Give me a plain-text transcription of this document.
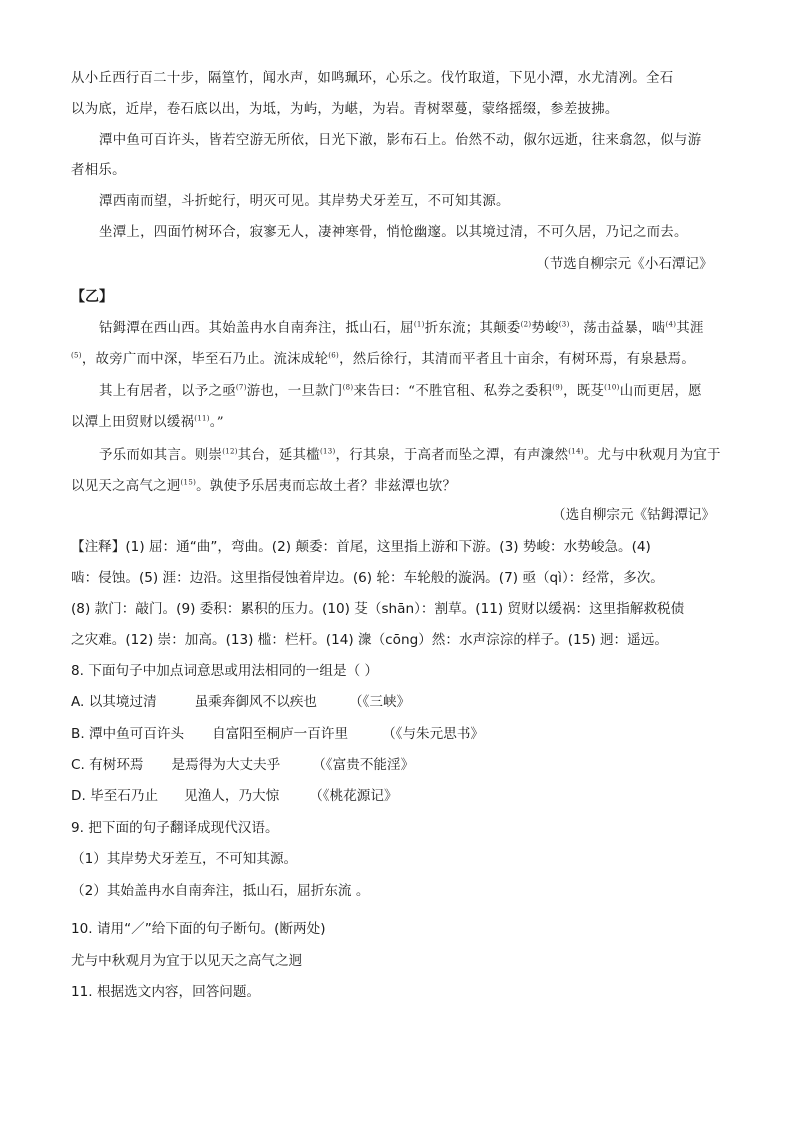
从小丘西行百二十步，隔篁竹，闻水声，如鸣珮环，心乐之。伐竹取道，下见小潭，水尤清冽。全石
以为底，近岸，卷石底以出，为坻，为屿，为嵁，为岩。青树翠蔓，蒙络摇缀，参差披拂。
潭中鱼可百许头，皆若空游无所依，日光下澈，影布石上。佁然不动，俶尔远逝，往来翕忽，似与游
者相乐。
潭西南而望，斗折蛇行，明灭可见。其岸势犬牙差互，不可知其源。
坐潭上，四面竹树环合，寂寥无人，凄神寒骨，悄怆幽邃。以其境过清，不可久居，乃记之而去。
（节选自柳宗元《小石潭记》
【乙】
钴鉧潭在西山西。其始盖冉水自南奔注，抵山石，屈$^{(1)}$折东流；其颠委$^{(2)}$势峻$^{(3)}$，荡击益暴，啮$^{(4)}$其涯
$^{(5)}$，故旁广而中深，毕至石乃止。流沫成轮$^{(6)}$，然后徐行，其清而平者且十亩余，有树环焉，有泉悬焉。
其上有居者，以予之亟$^{(7)}$游也，一旦款门$^{(8)}$来告曰：“不胜官租、私券之委积$^{(9)}$，既芟$^{(10)}$山而更居，愿
以潭上田贸财以缓祸$^{(11)}$。”
予乐而如其言。则崇$^{(12)}$其台，延其槛$^{(13)}$，行其泉，于高者而坠之潭，有声潨然$^{(14)}$。尤与中秋观月为宜于
以见天之高气之迥$^{(15)}$。孰使予乐居夷而忘故土者？非兹潭也欤？
（选自柳宗元《钴鉧潭记》
【注释】(1) 屈：通“曲”，弯曲。(2) 颠委：首尾，这里指上游和下游。(3) 势峻：水势峻急。(4)
啮：侵蚀。(5) 涯：边沿。这里指侵蚀着岸边。(6) 轮：车轮般的漩涡。(7) 亟（qì）：经常，多次。
(8) 款门：敲门。(9) 委积：累积的压力。(10) 芟（shān）：割草。(11) 贸财以缓祸：这里指解救税债
之灾难。(12) 崇：加高。(13) 槛：栏杆。(14) 潨（cōng）然：水声淙淙的样子。(15) 迥：遥远。
8. 下面句子中加点词意思或用法相同的一组是（ ）
A. 以其境过清	虽乘奔御风不以疾也 （《三峡》
B. 潭中鱼可百许头 自富阳至桐庐一百许里	（《与朱元思书》
C. 有树环焉 是焉得为大丈夫乎 （《富贵不能淫》
D. 毕至石乃止 见渔人，乃大惊 （《桃花源记》
9. 把下面的句子翻译成现代汉语。
（1）其岸势犬牙差互，不可知其源。
（2）其始盖冉水自南奔注，抵山石，屈折东流 。
10. 请用“／”给下面的句子断句。(断两处)
尤与中秋观月为宜于以见天之高气之迥
11. 根据选文内容，回答问题。
